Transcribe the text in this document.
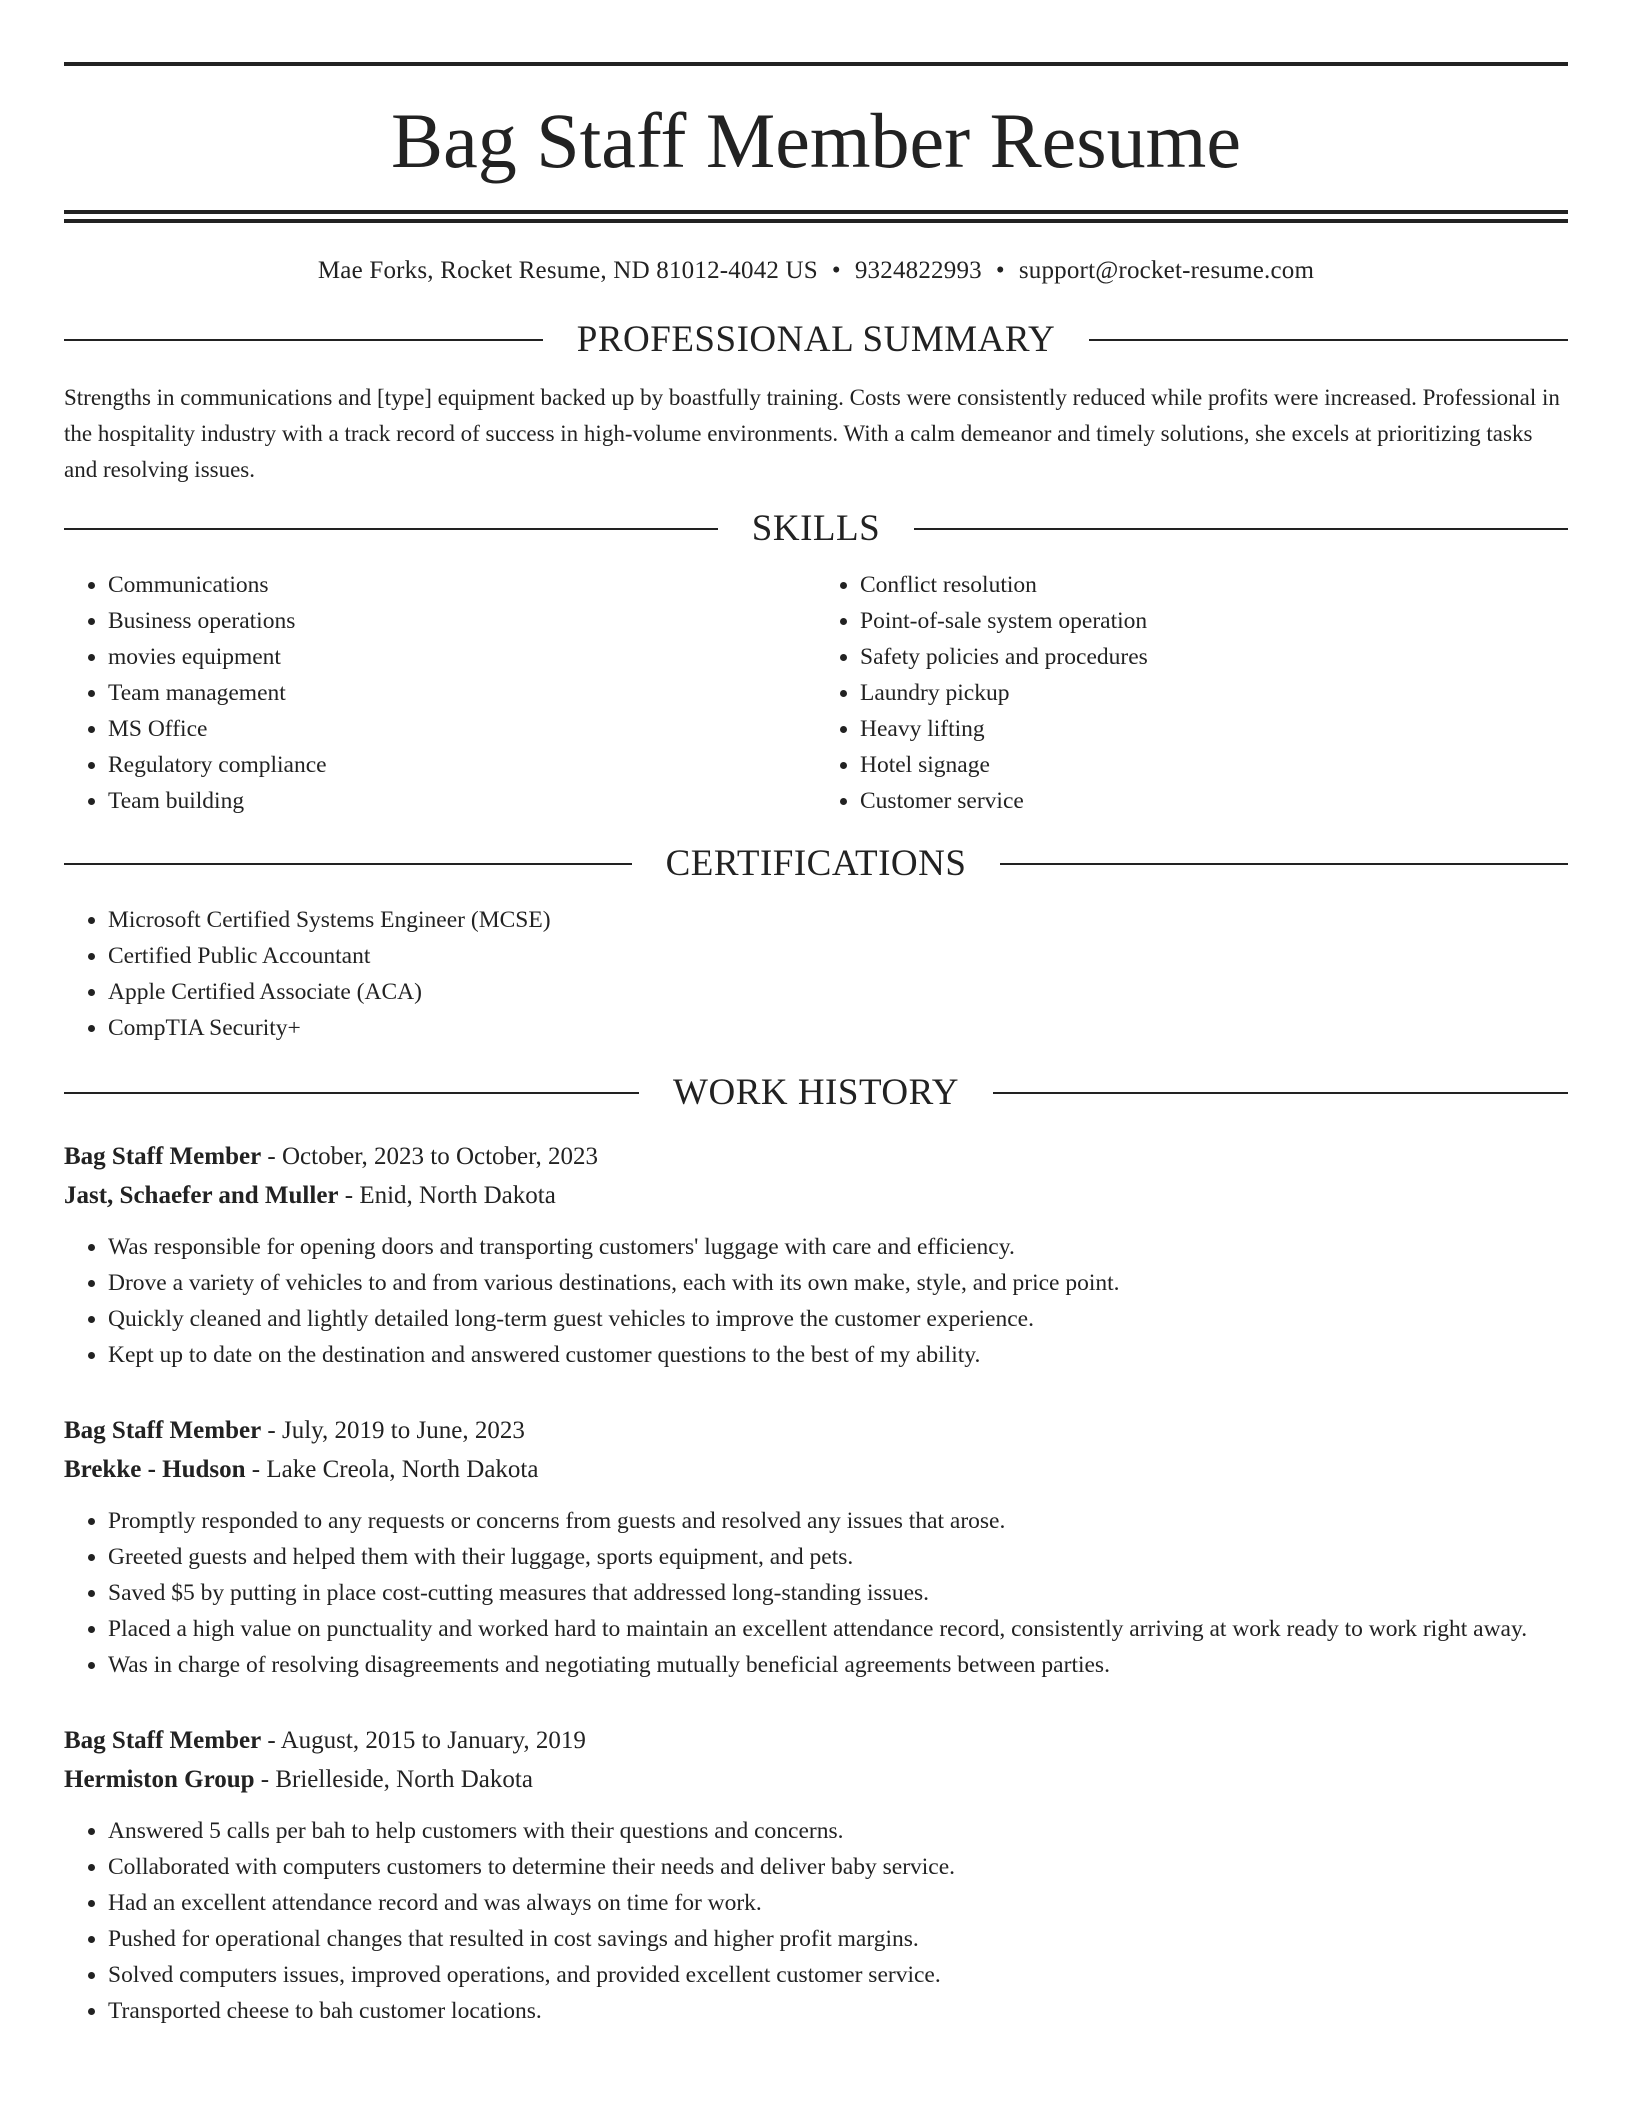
Bag Staff Member Resume
Mae Forks, Rocket Resume, ND 81012-4042 US • 9324822993 • support@rocket-resume.com
PROFESSIONAL SUMMARY

Strengths in communications and [type] equipment backed up by boastfully training. Costs were consistently reduced while profits were increased. Professional in the hospitality industry with a track record of success in high-volume environments. With a calm demeanor and timely solutions, she excels at prioritizing tasks and resolving issues.

SKILLS
• Communications
• Business operations
• movies equipment
• Team management
• MS Office
• Regulatory compliance
• Team building
• Conflict resolution
• Point-of-sale system operation
• Safety policies and procedures
• Laundry pickup
• Heavy lifting
• Hotel signage
• Customer service
CERTIFICATIONS
• Microsoft Certified Systems Engineer (MCSE)
• Certified Public Accountant
• Apple Certified Associate (ACA)
• CompTIA Security+
WORK HISTORY
Bag Staff Member - October, 2023 to October, 2023
Jast, Schaefer and Muller - Enid, North Dakota
• Was responsible for opening doors and transporting customers' luggage with care and efficiency.
• Drove a variety of vehicles to and from various destinations, each with its own make, style, and price point.
• Quickly cleaned and lightly detailed long-term guest vehicles to improve the customer experience.
• Kept up to date on the destination and answered customer questions to the best of my ability.
Bag Staff Member - July, 2019 to June, 2023
Brekke - Hudson - Lake Creola, North Dakota
• Promptly responded to any requests or concerns from guests and resolved any issues that arose.
• Greeted guests and helped them with their luggage, sports equipment, and pets.
• Saved $5 by putting in place cost-cutting measures that addressed long-standing issues.
• Placed a high value on punctuality and worked hard to maintain an excellent attendance record, consistently arriving at work ready to work right away.
• Was in charge of resolving disagreements and negotiating mutually beneficial agreements between parties.
Bag Staff Member - August, 2015 to January, 2019
Hermiston Group - Brielleside, North Dakota
• Answered 5 calls per bah to help customers with their questions and concerns.
• Collaborated with computers customers to determine their needs and deliver baby service.
• Had an excellent attendance record and was always on time for work.
• Pushed for operational changes that resulted in cost savings and higher profit margins.
• Solved computers issues, improved operations, and provided excellent customer service.
• Transported cheese to bah customer locations.
